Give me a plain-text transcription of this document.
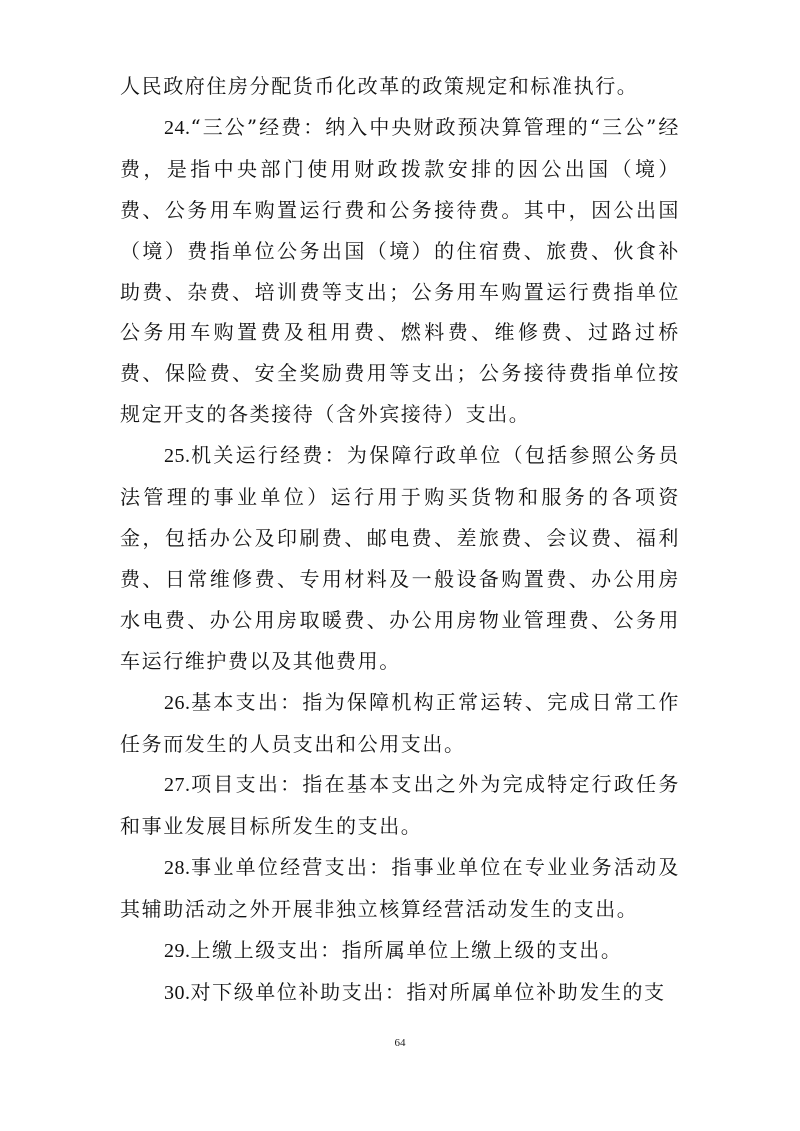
人民政府住房分配货币化改革的政策规定和标准执行。

24.“三公”经费：纳入中央财政预决算管理的“三公”经费，是指中央部门使用财政拨款安排的因公出国（境）费、公务用车购置运行费和公务接待费。其中，因公出国（境）费指单位公务出国（境）的住宿费、旅费、伙食补助费、杂费、培训费等支出；公务用车购置运行费指单位公务用车购置费及租用费、燃料费、维修费、过路过桥费、保险费、安全奖励费用等支出；公务接待费指单位按规定开支的各类接待（含外宾接待）支出。

25.机关运行经费：为保障行政单位（包括参照公务员法管理的事业单位）运行用于购买货物和服务的各项资金，包括办公及印刷费、邮电费、差旅费、会议费、福利费、日常维修费、专用材料及一般设备购置费、办公用房水电费、办公用房取暖费、办公用房物业管理费、公务用车运行维护费以及其他费用。

26.基本支出：指为保障机构正常运转、完成日常工作任务而发生的人员支出和公用支出。

27.项目支出：指在基本支出之外为完成特定行政任务和事业发展目标所发生的支出。

28.事业单位经营支出：指事业单位在专业业务活动及其辅助活动之外开展非独立核算经营活动发生的支出。

29.上缴上级支出：指所属单位上缴上级的支出。

30.对下级单位补助支出：指对所属单位补助发生的支

64
